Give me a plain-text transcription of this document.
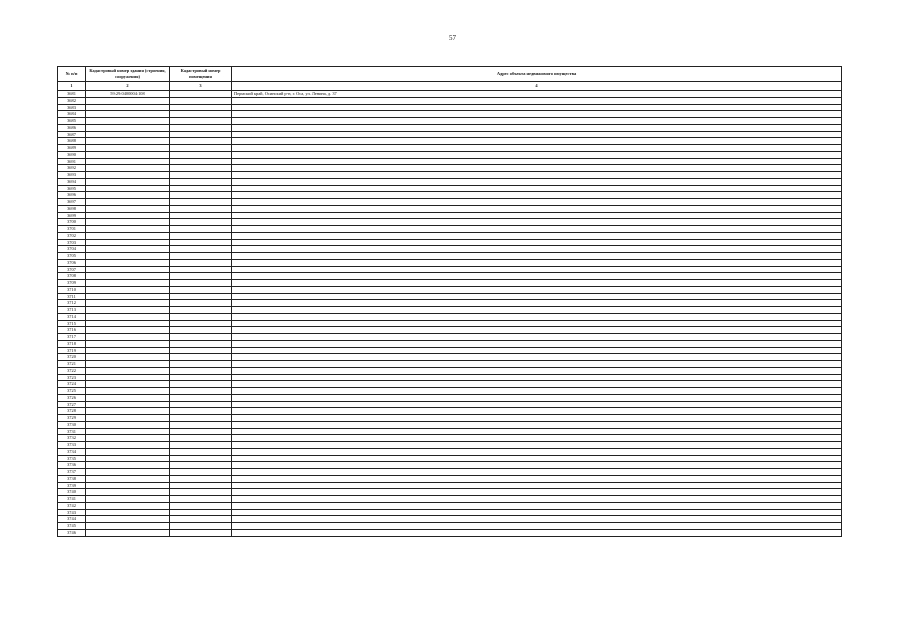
57
№ п/п	Кадастровый номер здания (строения, сооружения)	Кадастровый номер помещения	Адрес объекта недвижимого имущества
1	2	3	4
3681	59:29:0400004:108		Пермский край, Осинский р-н, г. Оса, ул. Ленина, д. 37
3682			
3683			
3684			
3685			
3686			
3687			
3688			
3689			
3690			
3691			
3692			
3693			
3694			
3695			
3696			
3697			
3698			
3699			
3700			
3701			
3702			
3703			
3704			
3705			
3706			
3707			
3708			
3709			
3710			
3711			
3712			
3713			
3714			
3715			
3716			
3717			
3718			
3719			
3720			
3721			
3722			
3723			
3724			
3725			
3726			
3727			
3728			
3729			
3730			
3731			
3732			
3733			
3734			
3735			
3736			
3737			
3738			
3739			
3740			
3741			
3742			
3743			
3744			
3745			
3746			
